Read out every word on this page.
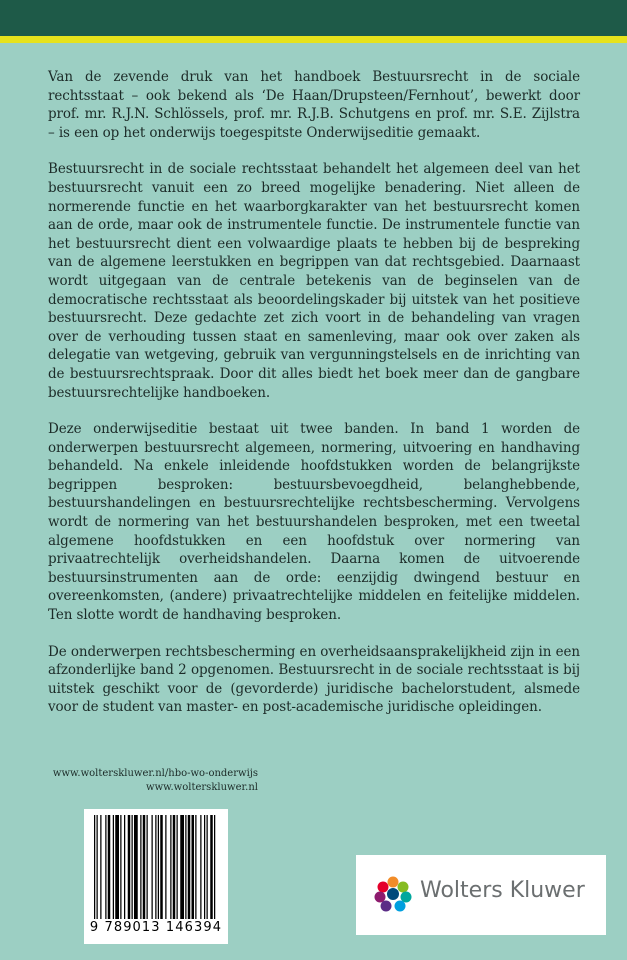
Van de zevende druk van het handboek Bestuursrecht in de sociale rechtsstaat – ook bekend als ‘De Haan/Drupsteen/Fernhout’, bewerkt door prof. mr. R.J.N. Schlössels, prof. mr. R.J.B. Schutgens en prof. mr. S.E. Zijlstra – is een op het onderwijs toegespitste Onderwijseditie gemaakt.

Bestuursrecht in de sociale rechtsstaat behandelt het algemeen deel van het bestuursrecht vanuit een zo breed mogelijke benadering. Niet alleen de normerende functie en het waarborgkarakter van het bestuursrecht komen aan de orde, maar ook de instrumentele functie. De instrumentele functie van het bestuursrecht dient een volwaardige plaats te hebben bij de bespreking van de algemene leerstukken en begrippen van dat rechtsgebied. Daarnaast wordt uitgegaan van de centrale betekenis van de beginselen van de democratische rechtsstaat als beoordelingskader bij uitstek van het positieve bestuursrecht. Deze gedachte zet zich voort in de behandeling van vragen over de verhouding tussen staat en samenleving, maar ook over zaken als delegatie van wetgeving, gebruik van vergunningstelsels en de inrichting van de bestuursrechtspraak. Door dit alles biedt het boek meer dan de gangbare bestuursrechtelijke handboeken.

Deze onderwijseditie bestaat uit twee banden. In band 1 worden de onderwerpen bestuursrecht algemeen, normering, uitvoering en handhaving behandeld. Na enkele inleidende hoofdstukken worden de belangrijkste begrippen besproken: bestuursbevoegdheid, belanghebbende, bestuurshandelingen en bestuursrechtelijke rechtsbescherming. Vervolgens wordt de normering van het bestuurshandelen besproken, met een tweetal algemene hoofdstukken en een hoofdstuk over normering van privaatrechtelijk overheidshandelen. Daarna komen de uitvoerende bestuursinstrumenten aan de orde: eenzijdig dwingend bestuur en overeenkomsten, (andere) privaatrechtelijke middelen en feitelijke middelen. Ten slotte wordt de handhaving besproken.

De onderwerpen rechtsbescherming en overheidsaansprakelijkheid zijn in een afzonderlijke band 2 opgenomen. Bestuursrecht in de sociale rechtsstaat is bij uitstek geschikt voor de (gevorderde) juridische bachelorstudent, alsmede voor de student van master- en post-academische juridische opleidingen.

www.wolterskluwer.nl/hbo-wo-onderwijs
www.wolterskluwer.nl
9 789013 146394
Wolters Kluwer
